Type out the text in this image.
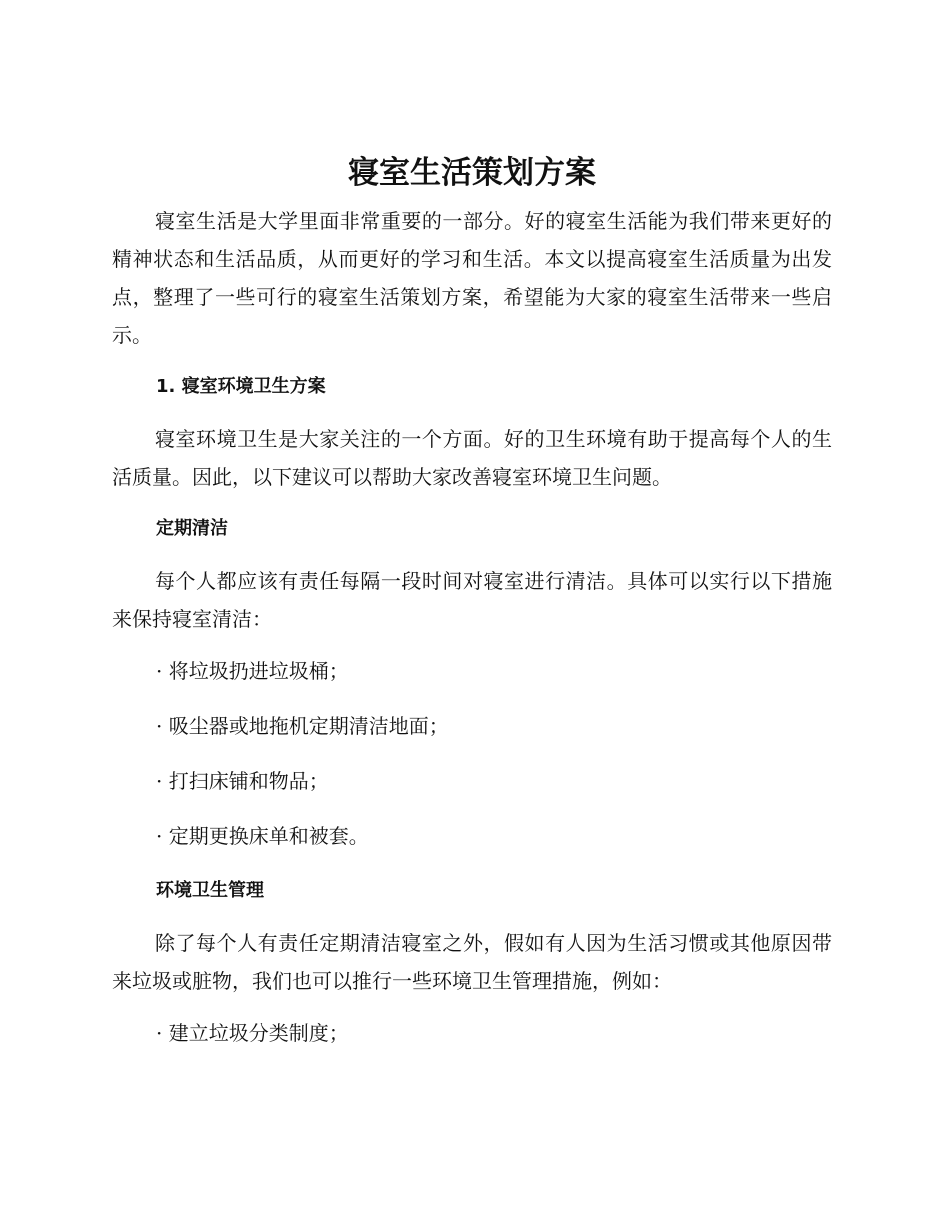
寝室生活策划方案

寝室生活是大学里面非常重要的一部分。好的寝室生活能为我们带来更好的精神状态和生活品质，从而更好的学习和生活。本文以提高寝室生活质量为出发点，整理了一些可行的寝室生活策划方案，希望能为大家的寝室生活带来一些启示。

1. 寝室环境卫生方案

寝室环境卫生是大家关注的一个方面。好的卫生环境有助于提高每个人的生活质量。因此，以下建议可以帮助大家改善寝室环境卫生问题。

定期清洁

每个人都应该有责任每隔一段时间对寝室进行清洁。具体可以实行以下措施来保持寝室清洁：

· 将垃圾扔进垃圾桶；

· 吸尘器或地拖机定期清洁地面；

· 打扫床铺和物品；

· 定期更换床单和被套。

环境卫生管理

除了每个人有责任定期清洁寝室之外，假如有人因为生活习惯或其他原因带来垃圾或脏物，我们也可以推行一些环境卫生管理措施，例如：

· 建立垃圾分类制度；
